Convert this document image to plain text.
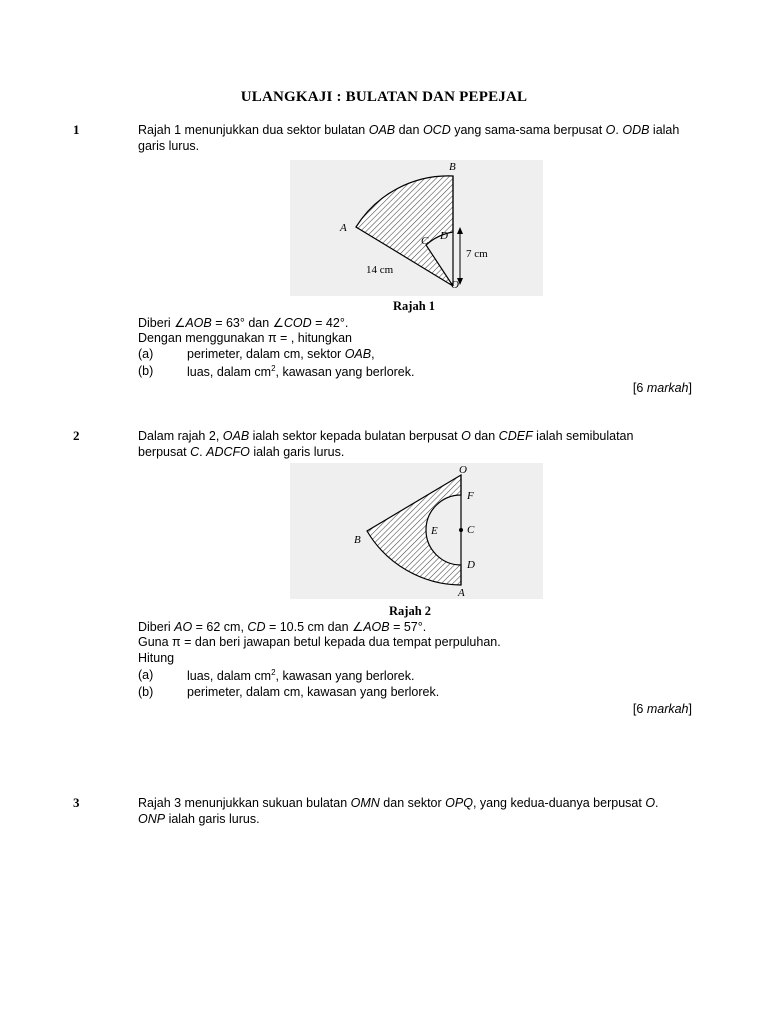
ULANGKAJI : BULATAN DAN PEPEJAL
1	Rajah 1 menunjukkan dua sektor bulatan OAB dan OCD yang sama-sama berpusat O. ODB ialah
garis lurus.
B
A
C D
O
14 cm
7 cm
Rajah 1
Diberi ∠AOB = 63° dan ∠COD = 42°.
Dengan menggunakan π = , hitungkan
(a)	perimeter, dalam cm, sektor OAB,
(b)	luas, dalam $cm^2$, kawasan yang berlorek.
[6 markah]
2	Dalam rajah 2, OAB ialah sektor kepada bulatan berpusat O dan CDEF ialah semibulatan
berpusat C. ADCFO ialah garis lurus.
O
F
C
E
B
D
A
Rajah 2
Diberi AO = 62 cm, CD = 10.5 cm dan ∠AOB = 57°.
Guna π = dan beri jawapan betul kepada dua tempat perpuluhan.
Hitung
(a)	luas, dalam $cm^2$, kawasan yang berlorek.
(b)	perimeter, dalam cm, kawasan yang berlorek.
[6 markah]
3	Rajah 3 menunjukkan sukuan bulatan OMN dan sektor OPQ, yang kedua-duanya berpusat O.
ONP ialah garis lurus.
